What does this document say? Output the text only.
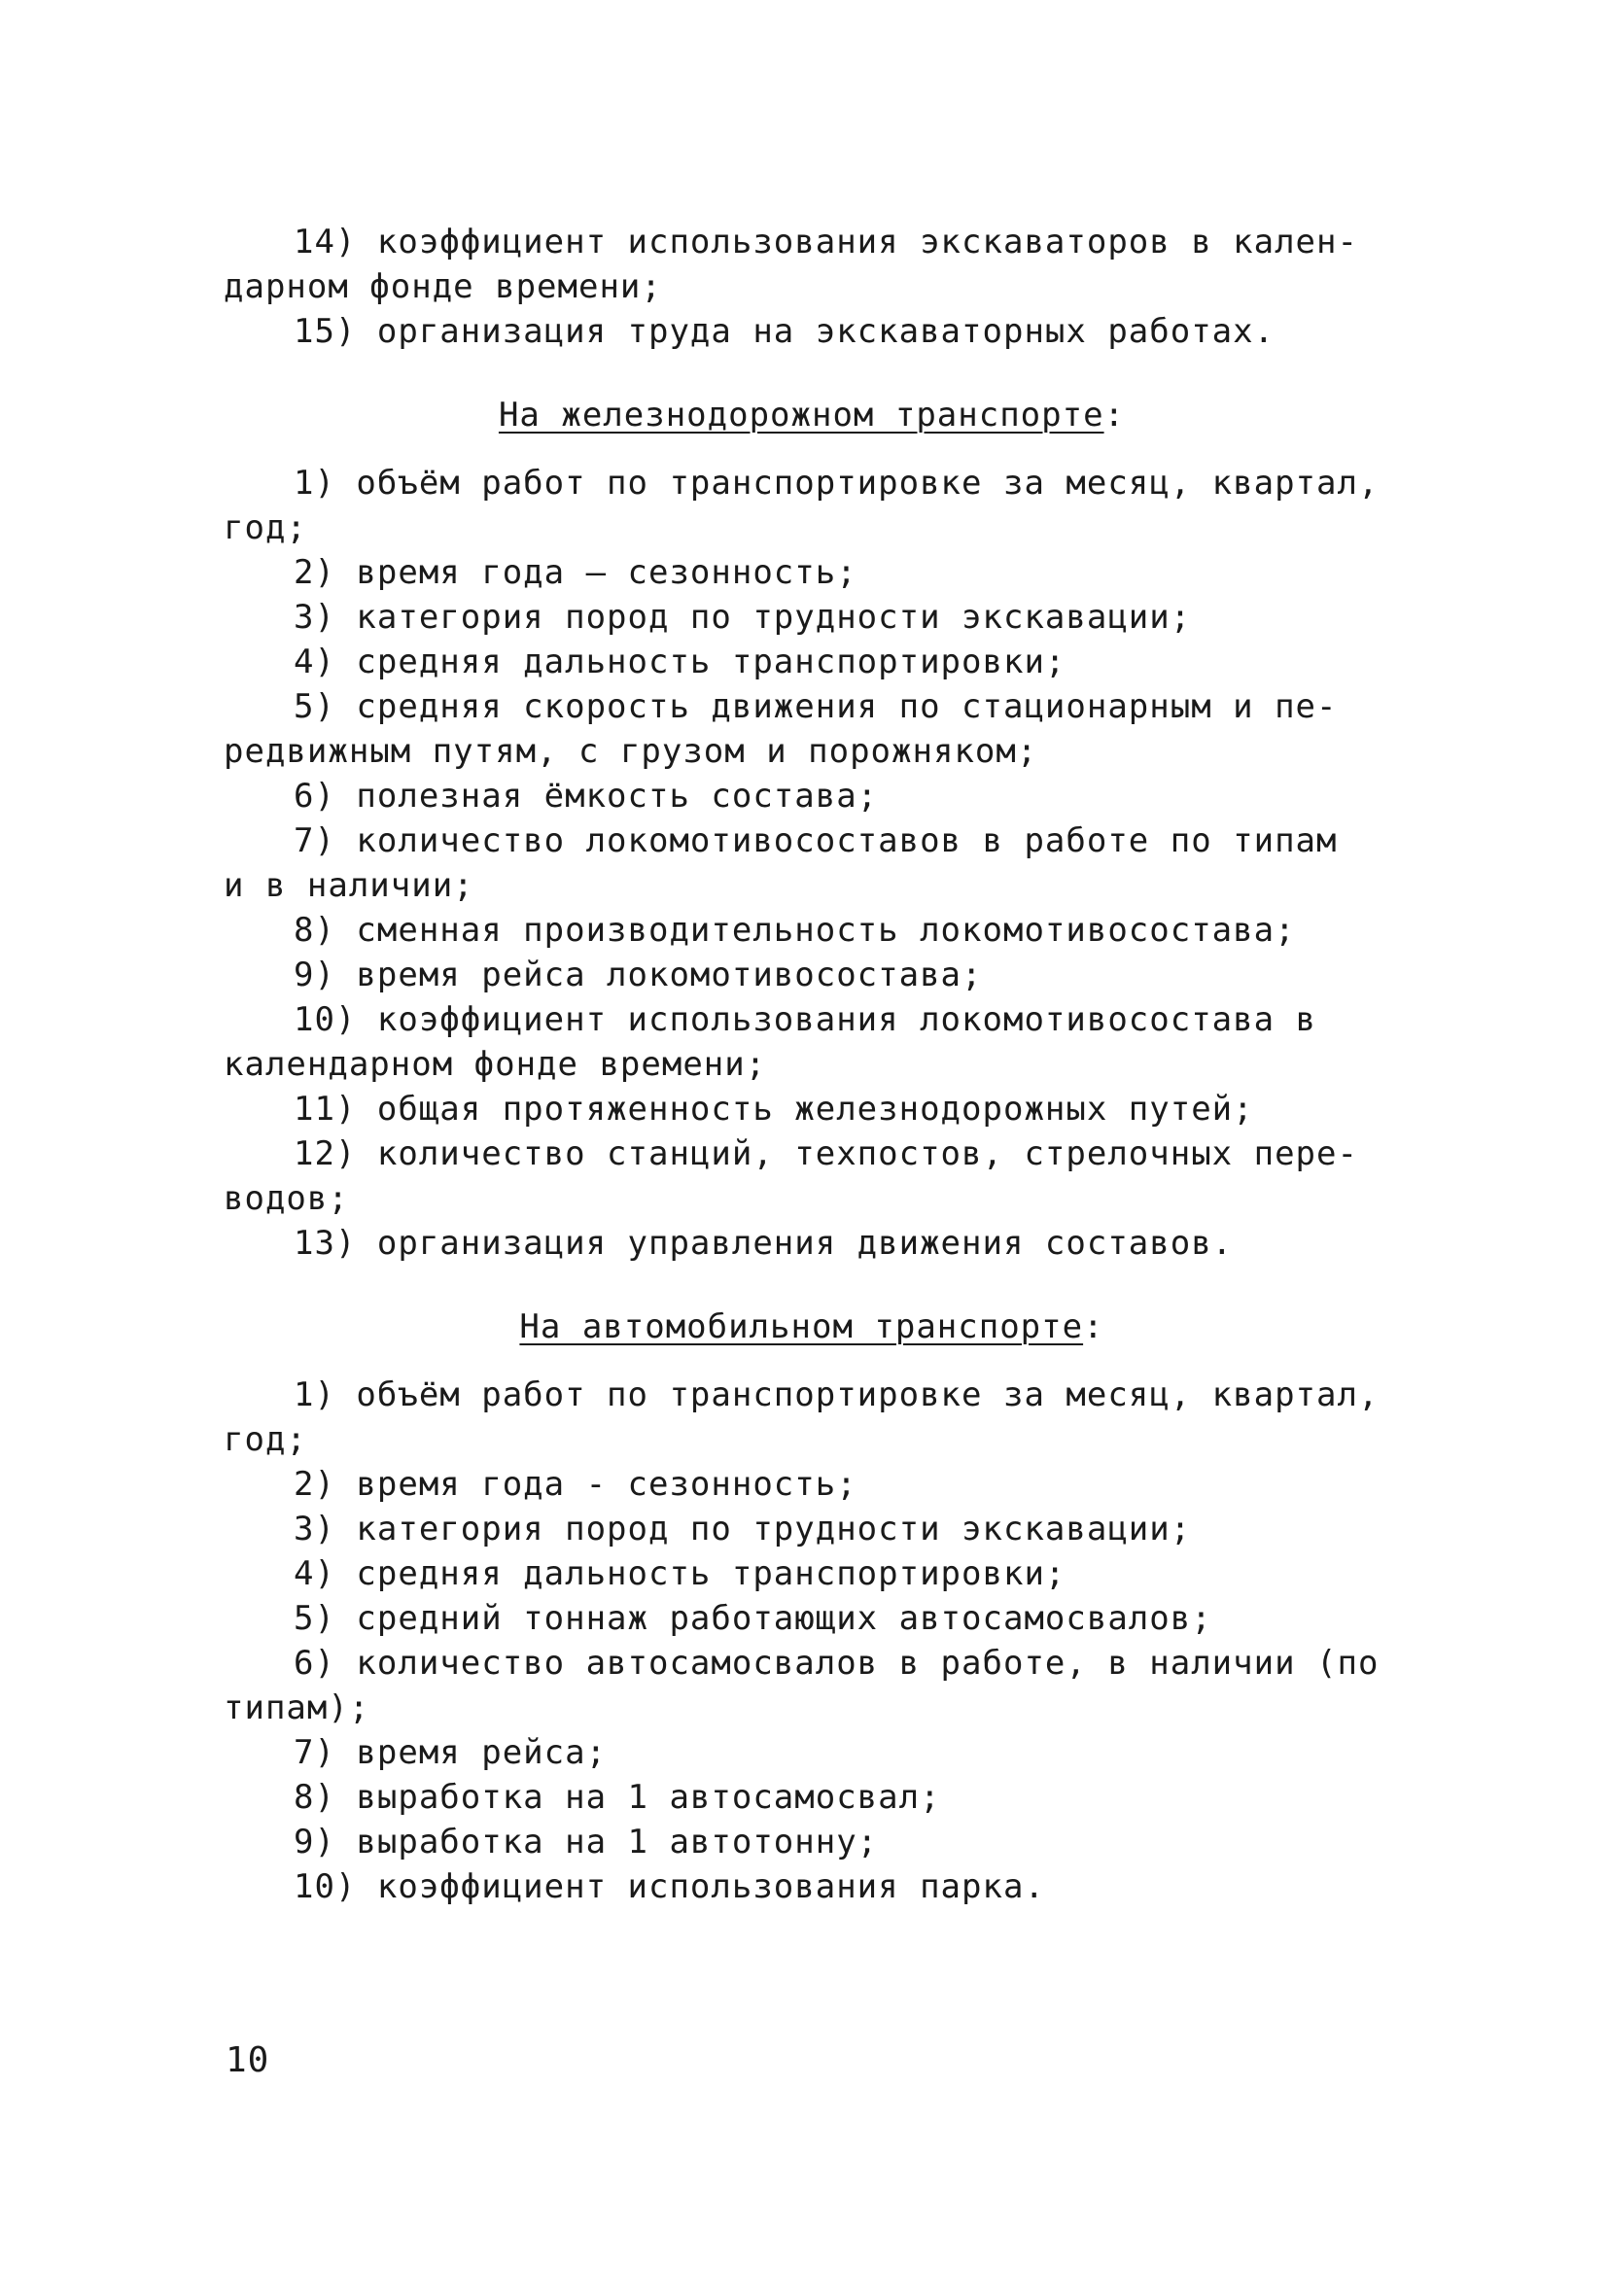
14) коэффициент использования экскаваторов в кален-
дарном фонде времени;
15) организация труда на экскаваторных работах.
На железнодорожном транспорте:
1) объём работ по транспортировке за месяц, квартал,
год;
2) время года – сезонность;
3) категория пород по трудности экскавации;
4) средняя дальность транспортировки;
5) средняя скорость движения по стационарным и пе-
редвижным путям, с грузом и порожняком;
6) полезная ёмкость состава;
7) количество локомотивосоставов в работе по типам
и в наличии;
8) сменная производительность локомотивосостава;
9) время рейса локомотивосостава;
10) коэффициент использования локомотивосостава в
календарном фонде времени;
11) общая протяженность железнодорожных путей;
12) количество станций, техпостов, стрелочных пере-
водов;
13) организация управления движения составов.
На автомобильном транспорте:
1) объём работ по транспортировке за месяц, квартал,
год;
2) время года - сезонность;
3) категория пород по трудности экскавации;
4) средняя дальность транспортировки;
5) средний тоннаж работающих автосамосвалов;
6) количество автосамосвалов в работе, в наличии (по
типам);
7) время рейса;
8) выработка на 1 автосамосвал;
9) выработка на 1 автотонну;
10) коэффициент использования парка.
10
